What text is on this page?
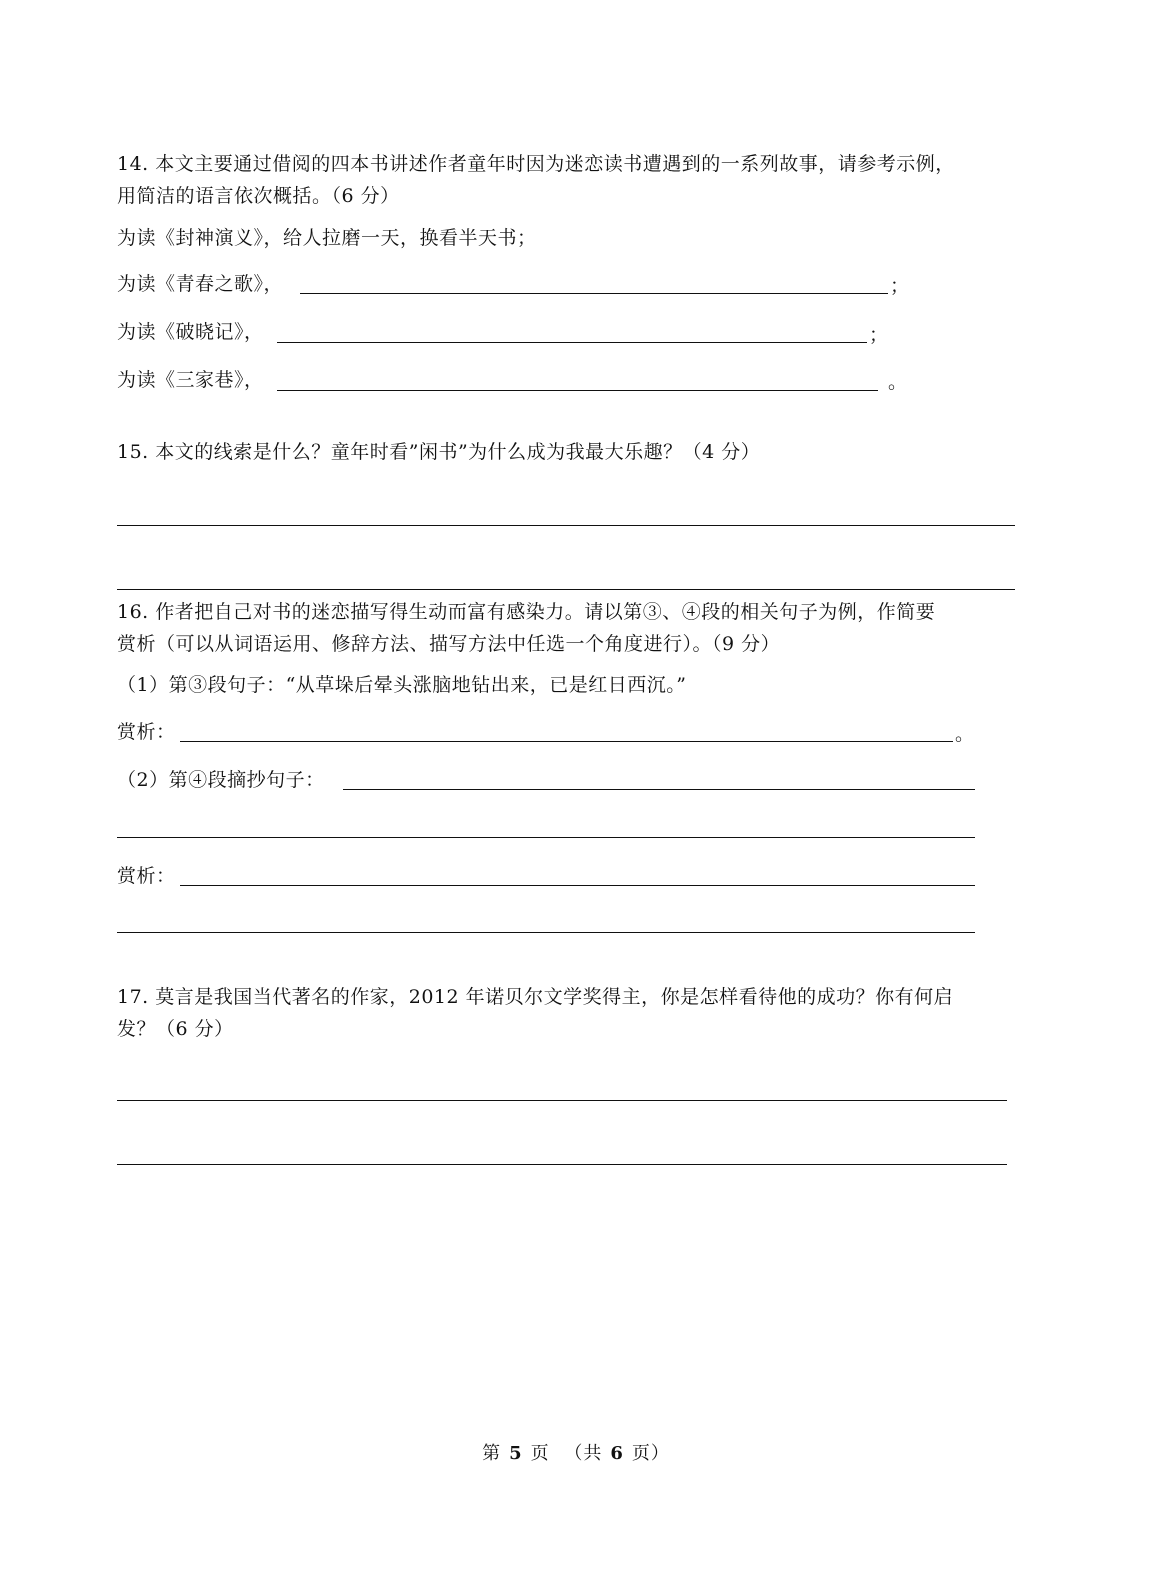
14. 本文主要通过借阅的四本书讲述作者童年时因为迷恋读书遭遇到的一系列故事，请参考示例，
用简洁的语言依次概括。（6 分）
为读《封神演义》，给人拉磨一天，换看半天书；
为读《青春之歌》，	；
为读《破晓记》，	；
为读《三家巷》，	。
15. 本文的线索是什么？童年时看”闲书”为什么成为我最大乐趣？（4 分）
16. 作者把自己对书的迷恋描写得生动而富有感染力。请以第③、④段的相关句子为例，作简要
赏析（可以从词语运用、修辞方法、描写方法中任选一个角度进行）。（9 分）
（1）第③段句子：“从草垛后晕头涨脑地钻出来，已是红日西沉。”
赏析：	。
（2）第④段摘抄句子：
赏析：
17. 莫言是我国当代著名的作家，2012 年诺贝尔文学奖得主，你是怎样看待他的成功？你有何启
发？（6 分）
第 5 页 （共 6 页）
